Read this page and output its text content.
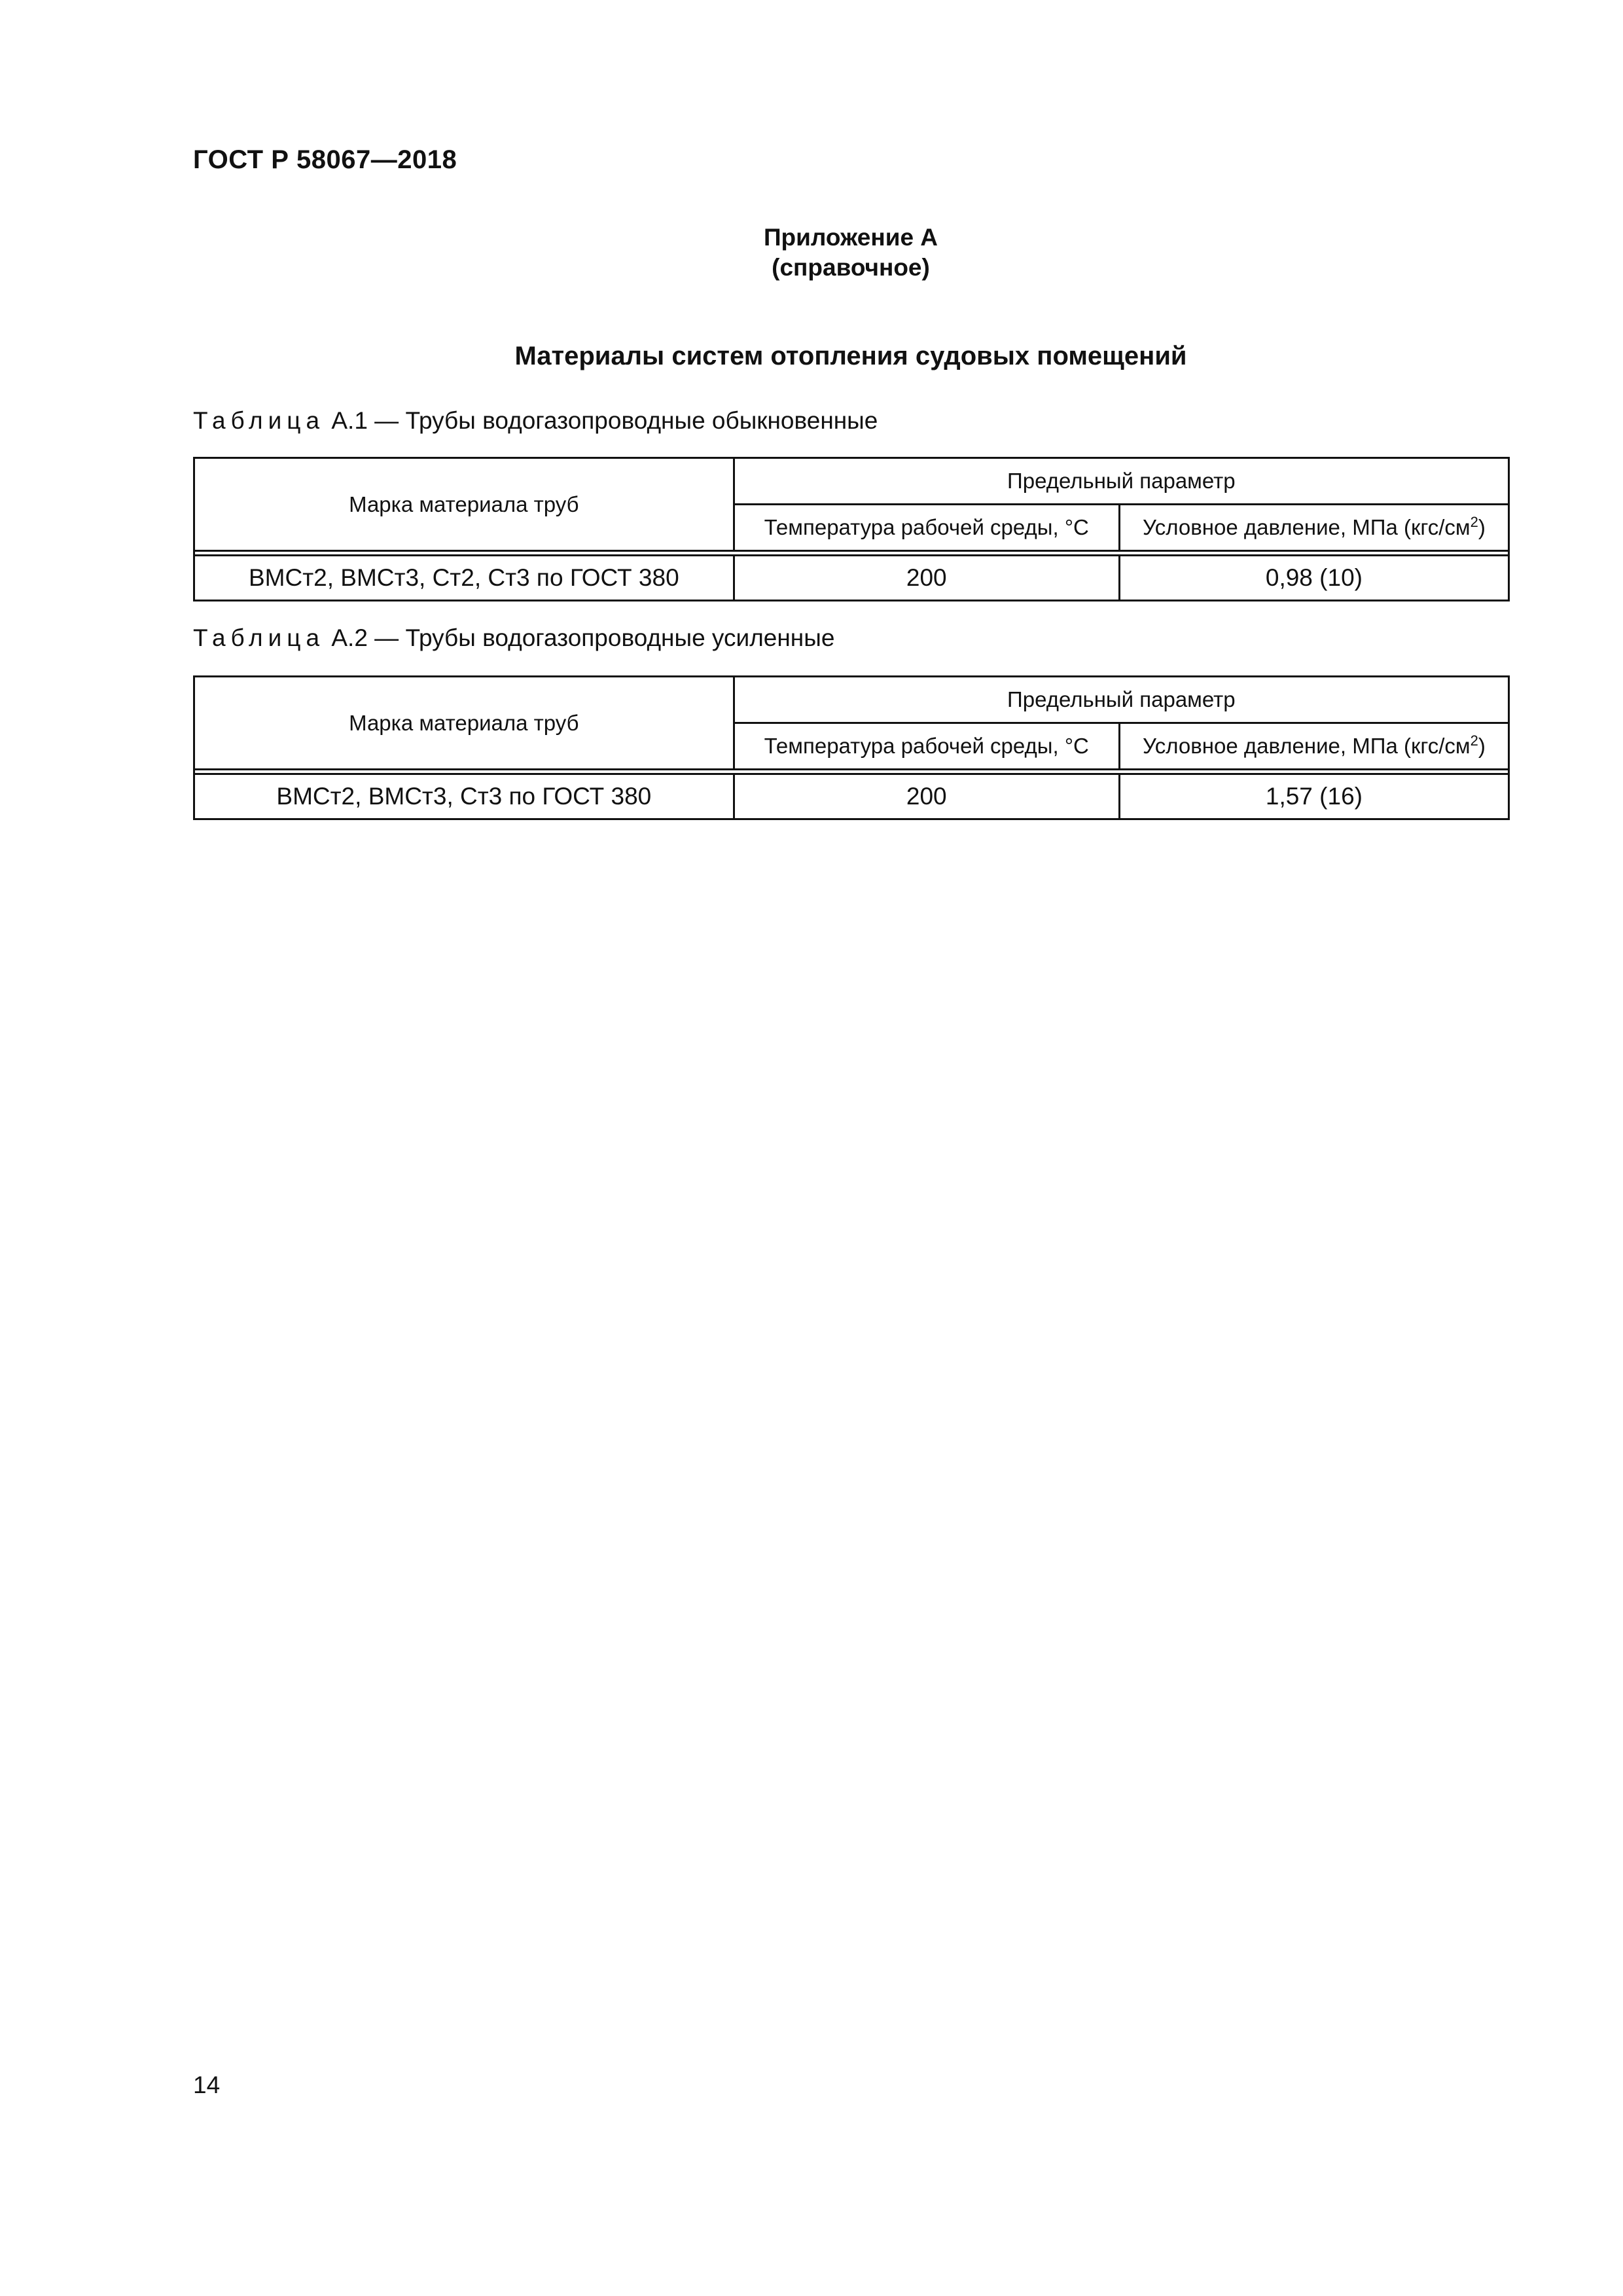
ГОСТ Р 58067—2018
Приложение А
(справочное)
Материалы систем отопления судовых помещений
Таблица А.1 — Трубы водогазопроводные обыкновенные
Марка материала труб	Предельный параметр	
	Температура рабочей среды, °C	Условное давление, МПа $(кгс/см^2)$

ВМСт2, ВМСт3, Ст2, Ст3 по ГОСТ 380	200	0,98 (10)
Таблица А.2 — Трубы водогазопроводные усиленные
Марка материала труб	Предельный параметр	
	Температура рабочей среды, °C	Условное давление, МПа $(кгс/см^2)$

ВМСт2, ВМСт3, Ст3 по ГОСТ 380	200	1,57 (16)
14
